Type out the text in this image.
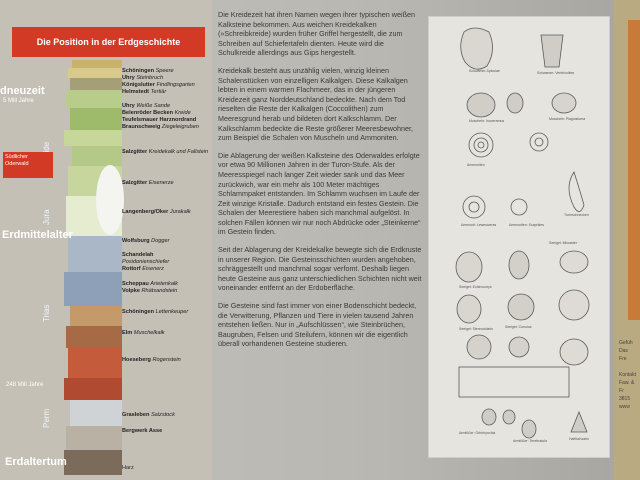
Die Position in der Erdgeschichte
dneuzeit
5 Mill Jahre
Erdmittelalter
248 Mill Jahre
Erdaltertum
Jura
Trias
Perm
Südlicher Oderwald
Schöningen Speere
Uhry Steinbruch
Königslutter Findlingsgarten
Helmstedt Tertiär
Uhry Weiße Sande
Belenröder Becken Kreide
Teufelsmauer Harznordrand
Braunschweig Ziegeleigruben
Salzgitter Kreidekalk und Fallstein
Salzgitter Eisenerze
Langenberg/Oker Jurakalk
Wolfsburg Dogger
Schandelah
Posidonienschiefer
Rottorf Eisenerz
Scheppau Arietenkalk
Volpke Rhätsandstein
Schöningen Lettenkeuper
Elm Muschelkalk
Hoeseberg Rogenstein
Grasleben Salzstock
Bergwerk Asse
Harz

Die Kreidezeit hat ihren Namen wegen ihrer typischen weißen Kalksteine bekommen. Aus weichen Kreidekalken (»Schreibkreide) wurden früher Griffel hergestellt, die zum Schreiben auf Schiefertafeln dienten. Heute wird die Schulkreide allerdings aus Gips hergestellt.

Kreidekalk besteht aus unzählig vielen, winzig kleinen Schalenstücken von einzelligen Kalkalgen. Diese Kalkalgen lebten in einem warmen Flachmeer, das in der jüngeren Kreidezeit ganz Norddeutschland bedeckte. Nach dem Tod rieselten die Reste der Kalkalgen (Coccolithen) zum Meeresgrund herab und bildeten dort Kalkschlamm. Der Kalkschlamm bedeckte die Reste größerer Meeresbewohner, zum Beispiel die Schalen von Muscheln und Ammoniten.

Die Ablagerung der weißen Kalksteine des Oderwaldes erfolgte vor etwa 90 Millionen Jahren in der Turon-Stufe. Als der Meeresspiegel nach langer Zeit wieder sank und das Meer zurückwich, war ein mehr als 100 Meter mächtiges Schlammpaket entstanden. Im Schlamm wuchsen im Laufe der Zeit winzige Kristalle. Dadurch entstand ein festes Gestein. Die Schalen der Meerestiere haben sich manchmal aufgelöst. In solchen Fällen können wir nur noch Abdrücke oder „Steinkerne“ im Gestein finden.

Seit der Ablagerung der Kreidekalke bewegte sich die Erdkruste in unserer Region. Die Gesteinsschichten wurden angehoben, schräggestellt und manchmal sogar verfomt. Deshalb liegen heute Gesteine aus ganz unterschiedlichen Schichten nicht weit voneinander entfernt an der Erdoberfläche.

Die Gesteine sind fast immer von einer Bodenschicht bedeckt, die Verwitterung, Pflanzen und Tiere in vielen tausend Jahren entstehen ließen. Nur in „Aufschlüssen“, wie Steinbrüchen, Baugruben, Felsen und Steilufern, können wir die eigentlich überall vorhandenen Gesteine studieren.

Schwamm-Spiculae	Schwamm: Ventriculites
Muscheln: Inoceramus	Muscheln: Plagiostoma
Ammoniten
Turmschnecken
Ammonit: Lewesiceras	Ammoniten: Scaphites
Seeigel: Micraster
Seeigel: Echinocorys
Seeigel: Conulus
Seeigel: Stereocidaris
Armfüßer: Orbirhynchia
Armfüßer: Terebratula	Haifischzahn
Gefüh
Das
Fre
Kontakt
Faw. &
Fr
3815
www
